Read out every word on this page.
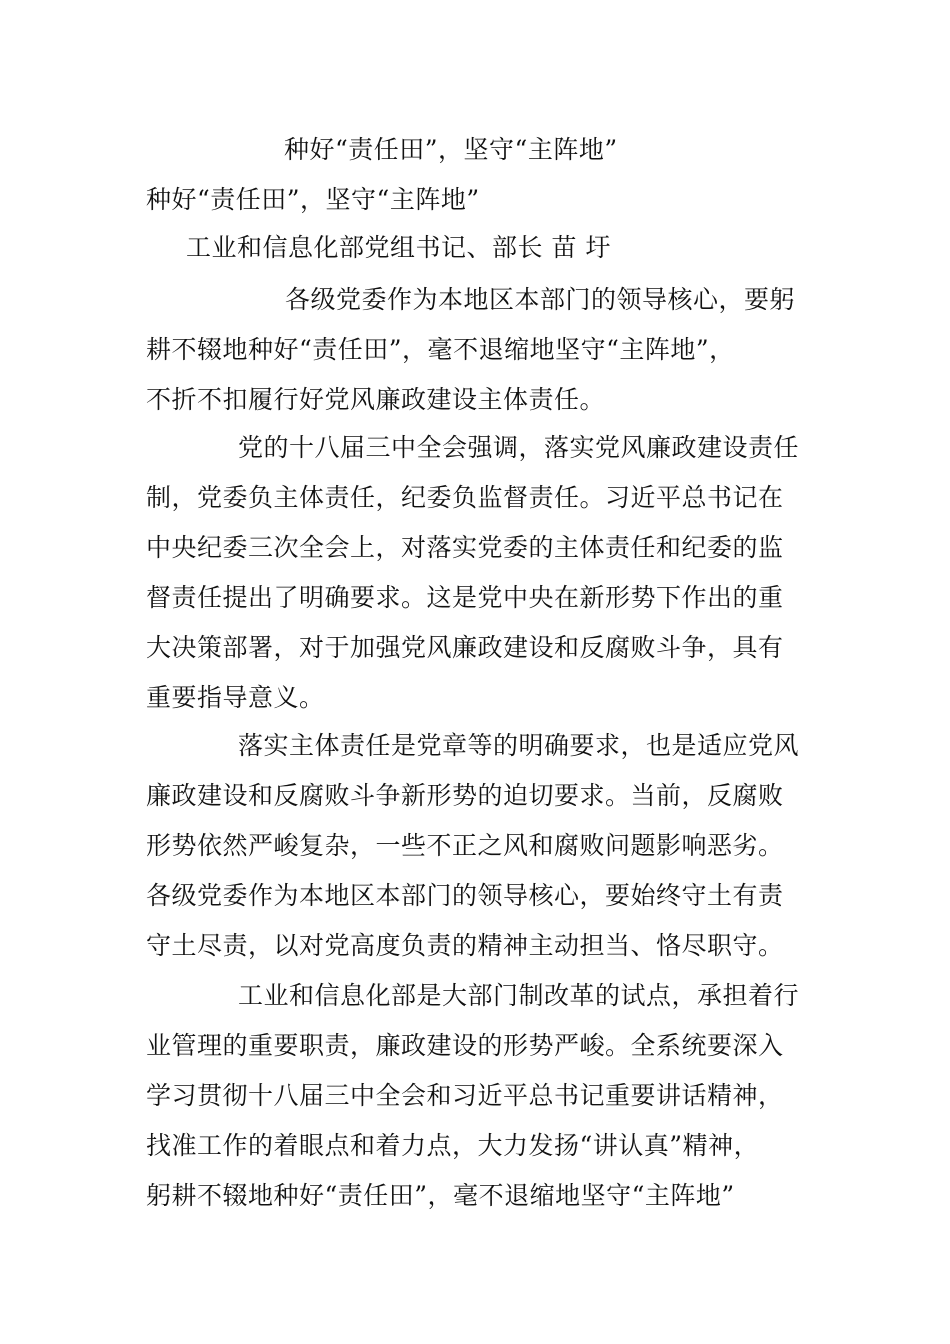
种好“责任田”，坚守“主阵地”
种好“责任田”，坚守“主阵地”
工业和信息化部党组书记、部长 苗 圩
各级党委作为本地区本部门的领导核心，要躬
耕不辍地种好“责任田”，毫不退缩地坚守“主阵地”，
不折不扣履行好党风廉政建设主体责任。
党的十八届三中全会强调，落实党风廉政建设责任
制，党委负主体责任，纪委负监督责任。习近平总书记在
中央纪委三次全会上，对落实党委的主体责任和纪委的监
督责任提出了明确要求。这是党中央在新形势下作出的重
大决策部署，对于加强党风廉政建设和反腐败斗争，具有
重要指导意义。
落实主体责任是党章等的明确要求，也是适应党风
廉政建设和反腐败斗争新形势的迫切要求。当前，反腐败
形势依然严峻复杂，一些不正之风和腐败问题影响恶劣。
各级党委作为本地区本部门的领导核心，要始终守土有责
守土尽责，以对党高度负责的精神主动担当、恪尽职守。
工业和信息化部是大部门制改革的试点，承担着行
业管理的重要职责，廉政建设的形势严峻。全系统要深入
学习贯彻十八届三中全会和习近平总书记重要讲话精神，
找准工作的着眼点和着力点，大力发扬“讲认真”精神，
躬耕不辍地种好“责任田”，毫不退缩地坚守“主阵地”
